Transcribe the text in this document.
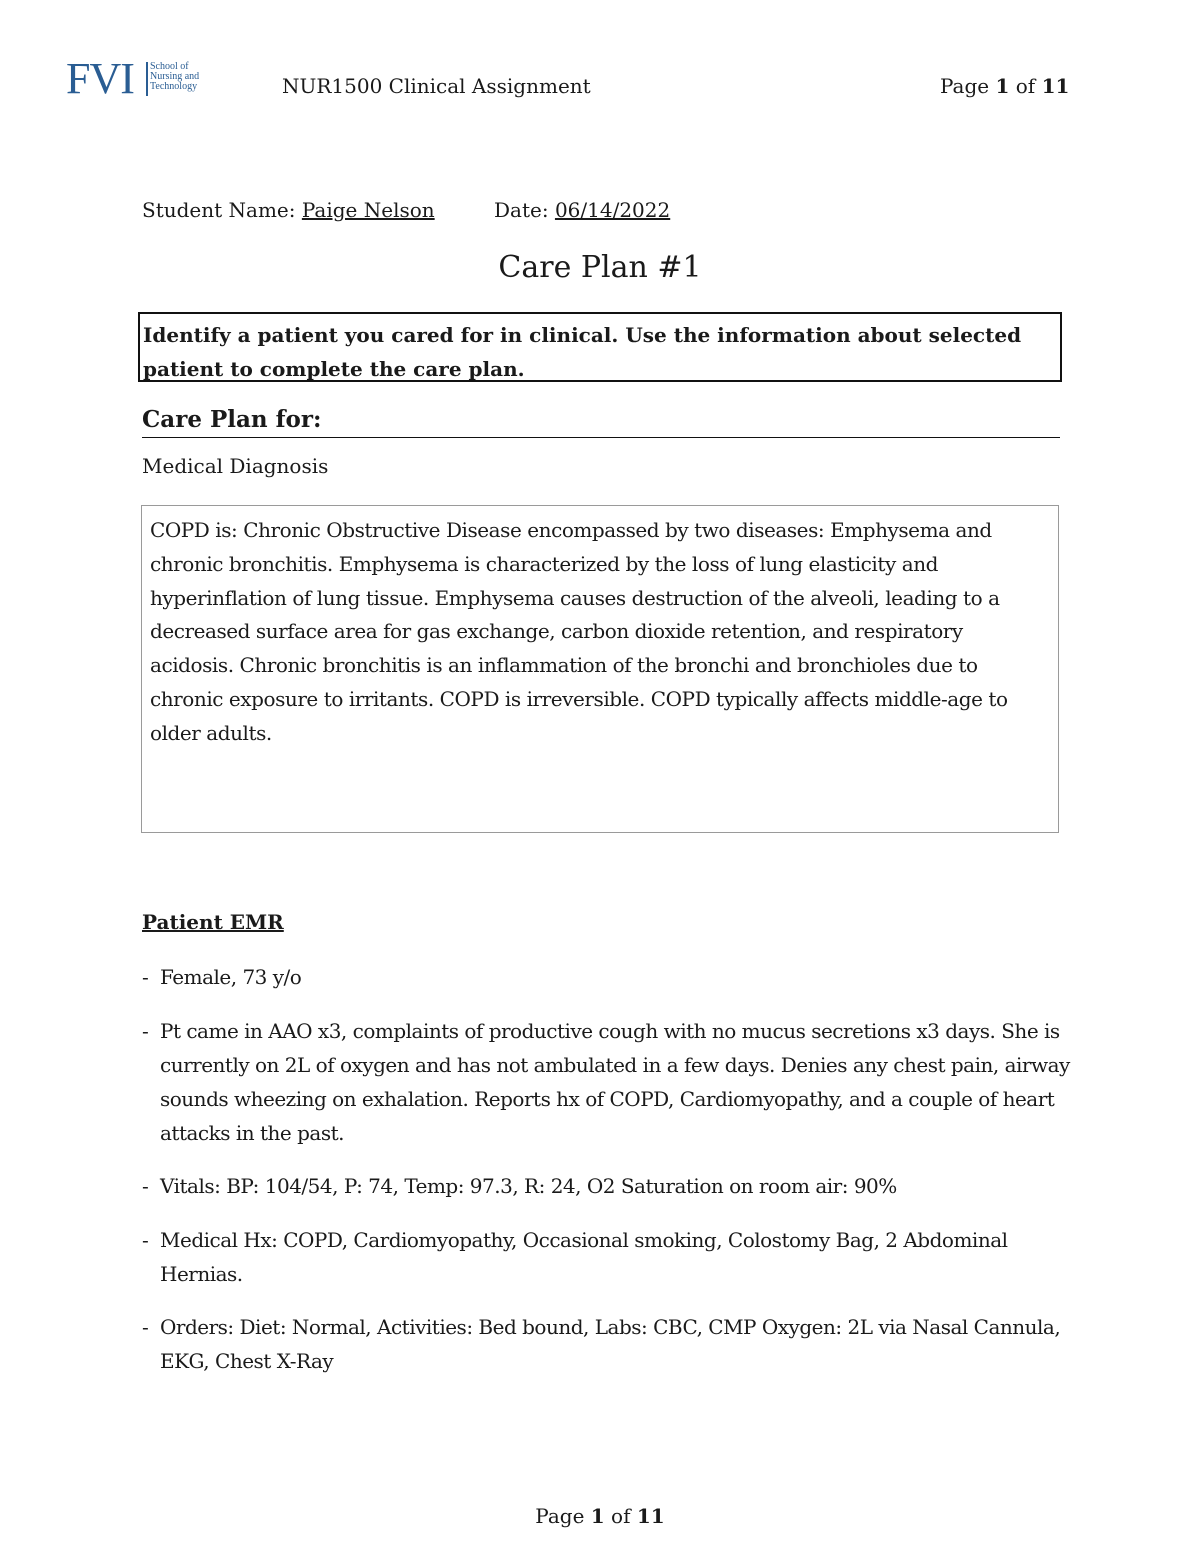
FVI School of
Nursing and
Technology	NUR1500 Clinical Assignment	Page 1 of 11
Student Name: Paige Nelson	Date: 06/14/2022
Care Plan #1
Identify a patient you cared for in clinical. Use the information about selected patient to complete the care plan.
Care Plan for:
Medical Diagnosis
COPD is: Chronic Obstructive Disease encompassed by two diseases: Emphysema and chronic bronchitis. Emphysema is characterized by the loss of lung elasticity and hyperinflation of lung tissue. Emphysema causes destruction of the alveoli, leading to a decreased surface area for gas exchange, carbon dioxide retention, and respiratory acidosis. Chronic bronchitis is an inflammation of the bronchi and bronchioles due to chronic exposure to irritants. COPD is irreversible. COPD typically affects middle-age to older adults.
Patient EMR
- Female, 73 y/o
- Pt came in AAO x3, complaints of productive cough with no mucus secretions x3 days. She is currently on 2L of oxygen and has not ambulated in a few days. Denies any chest pain, airway sounds wheezing on exhalation. Reports hx of COPD, Cardiomyopathy, and a couple of heart attacks in the past.
- Vitals: BP: 104/54, P: 74, Temp: 97.3, R: 24, O2 Saturation on room air: 90%
- Medical Hx: COPD, Cardiomyopathy, Occasional smoking, Colostomy Bag, 2 Abdominal Hernias.
- Orders: Diet: Normal, Activities: Bed bound, Labs: CBC, CMP Oxygen: 2L via Nasal Cannula, EKG, Chest X-Ray
Page 1 of 11
